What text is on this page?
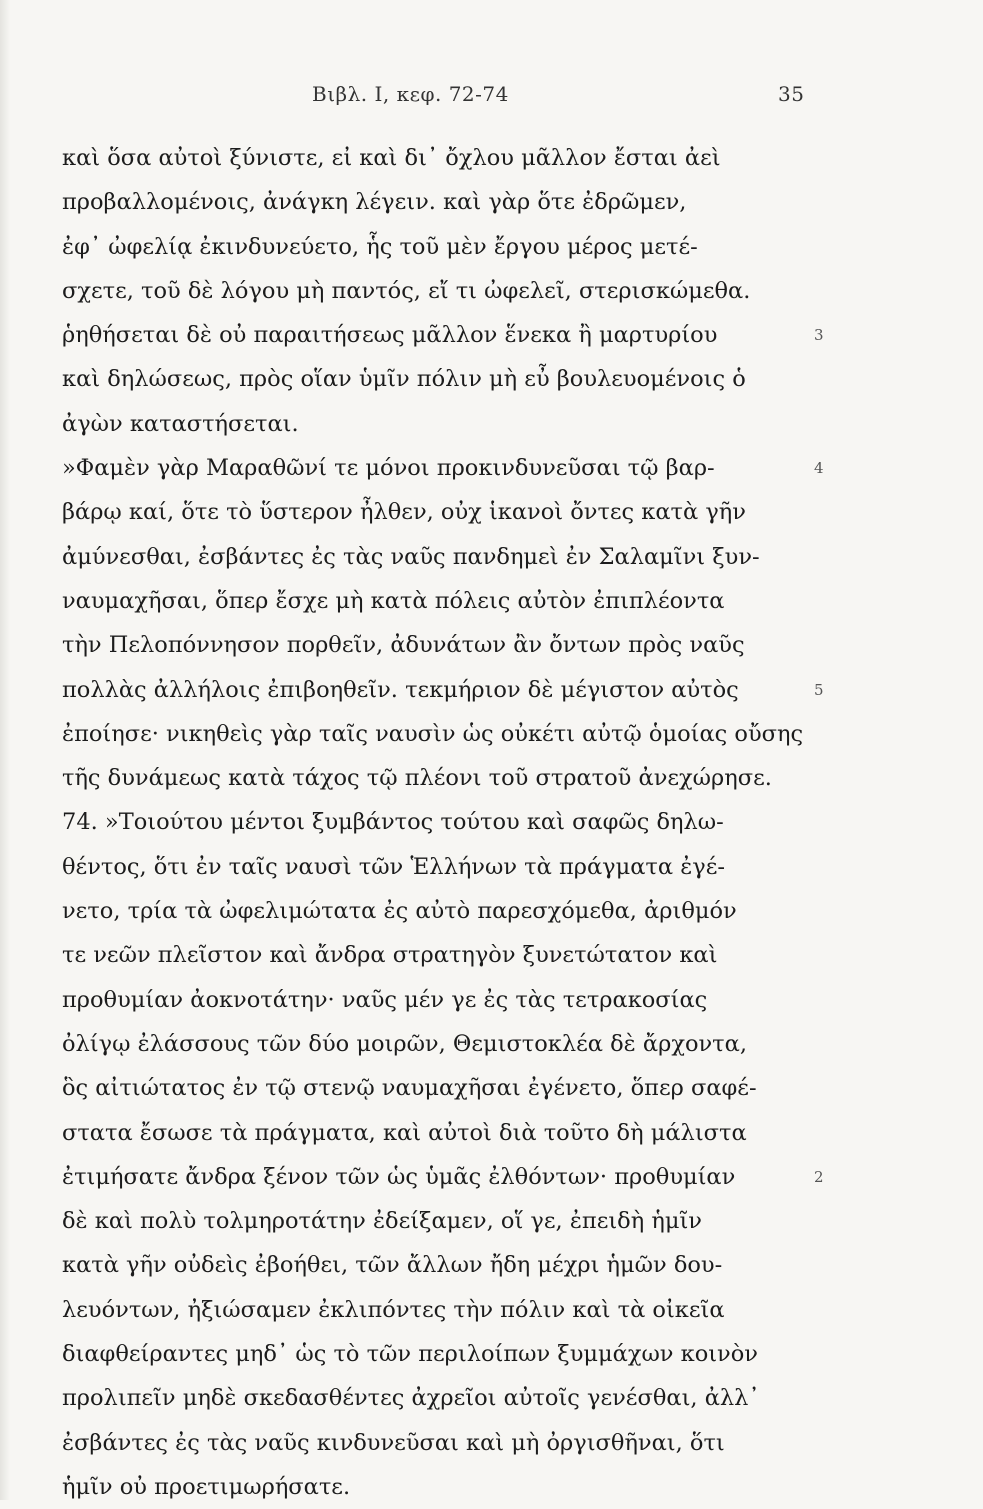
Βιβλ. Ι, κεφ. 72-74	35
καὶ ὅσα αὐτοὶ ξύνιστε, εἰ καὶ δι᾽ ὄχλου μᾶλλον ἔσται ἀεὶ
προβαλλομένοις, ἀνάγκη λέγειν. καὶ γὰρ ὅτε ἐδρῶμεν,
ἐφ᾽ ὠφελίᾳ ἐκινδυνεύετο, ἧς τοῦ μὲν ἔργου μέρος μετέ-
σχετε, τοῦ δὲ λόγου μὴ παντός, εἴ τι ὠφελεῖ, στερισκώμεθα.
ῥηθήσεται δὲ οὐ παραιτήσεως μᾶλλον ἕνεκα ἢ μαρτυρίου	3
καὶ δηλώσεως, πρὸς οἵαν ὑμῖν πόλιν μὴ εὖ βουλευομένοις ὁ
ἀγὼν καταστήσεται.
»Φαμὲν γὰρ Μαραθῶνί τε μόνοι προκινδυνεῦσαι τῷ βαρ-	4
βάρῳ καί, ὅτε τὸ ὕστερον ἦλθεν, οὐχ ἱκανοὶ ὄντες κατὰ γῆν
ἀμύνεσθαι, ἐσβάντες ἐς τὰς ναῦς πανδημεὶ ἐν Σαλαμῖνι ξυν-
ναυμαχῆσαι, ὅπερ ἔσχε μὴ κατὰ πόλεις αὐτὸν ἐπιπλέοντα
τὴν Πελοπόννησον πορθεῖν, ἀδυνάτων ἂν ὄντων πρὸς ναῦς
πολλὰς ἀλλήλοις ἐπιβοηθεῖν. τεκμήριον δὲ μέγιστον αὐτὸς	5
ἐποίησε· νικηθεὶς γὰρ ταῖς ναυσὶν ὡς οὐκέτι αὐτῷ ὁμοίας οὔσης
τῆς δυνάμεως κατὰ τάχος τῷ πλέονι τοῦ στρατοῦ ἀνεχώρησε.
74. »Τοιούτου μέντοι ξυμβάντος τούτου καὶ σαφῶς δηλω-
θέντος, ὅτι ἐν ταῖς ναυσὶ τῶν Ἑλλήνων τὰ πράγματα ἐγέ-
νετο, τρία τὰ ὠφελιμώτατα ἐς αὐτὸ παρεσχόμεθα, ἀριθμόν
τε νεῶν πλεῖστον καὶ ἄνδρα στρατηγὸν ξυνετώτατον καὶ
προθυμίαν ἀοκνοτάτην· ναῦς μέν γε ἐς τὰς τετρακοσίας
ὀλίγῳ ἐλάσσους τῶν δύο μοιρῶν, Θεμιστοκλέα δὲ ἄρχοντα,
ὃς αἰτιώτατος ἐν τῷ στενῷ ναυμαχῆσαι ἐγένετο, ὅπερ σαφέ-
στατα ἔσωσε τὰ πράγματα, καὶ αὐτοὶ διὰ τοῦτο δὴ μάλιστα
ἐτιμήσατε ἄνδρα ξένον τῶν ὡς ὑμᾶς ἐλθόντων· προθυμίαν	2
δὲ καὶ πολὺ τολμηροτάτην ἐδείξαμεν, οἵ γε, ἐπειδὴ ἡμῖν
κατὰ γῆν οὐδεὶς ἐβοήθει, τῶν ἄλλων ἤδη μέχρι ἡμῶν δου-
λευόντων, ἠξιώσαμεν ἐκλιπόντες τὴν πόλιν καὶ τὰ οἰκεῖα
διαφθείραντες μηδ᾽ ὡς τὸ τῶν περιλοίπων ξυμμάχων κοινὸν
προλιπεῖν μηδὲ σκεδασθέντες ἀχρεῖοι αὐτοῖς γενέσθαι, ἀλλ᾽
ἐσβάντες ἐς τὰς ναῦς κινδυνεῦσαι καὶ μὴ ὀργισθῆναι, ὅτι
ἡμῖν οὐ προετιμωρήσατε.
